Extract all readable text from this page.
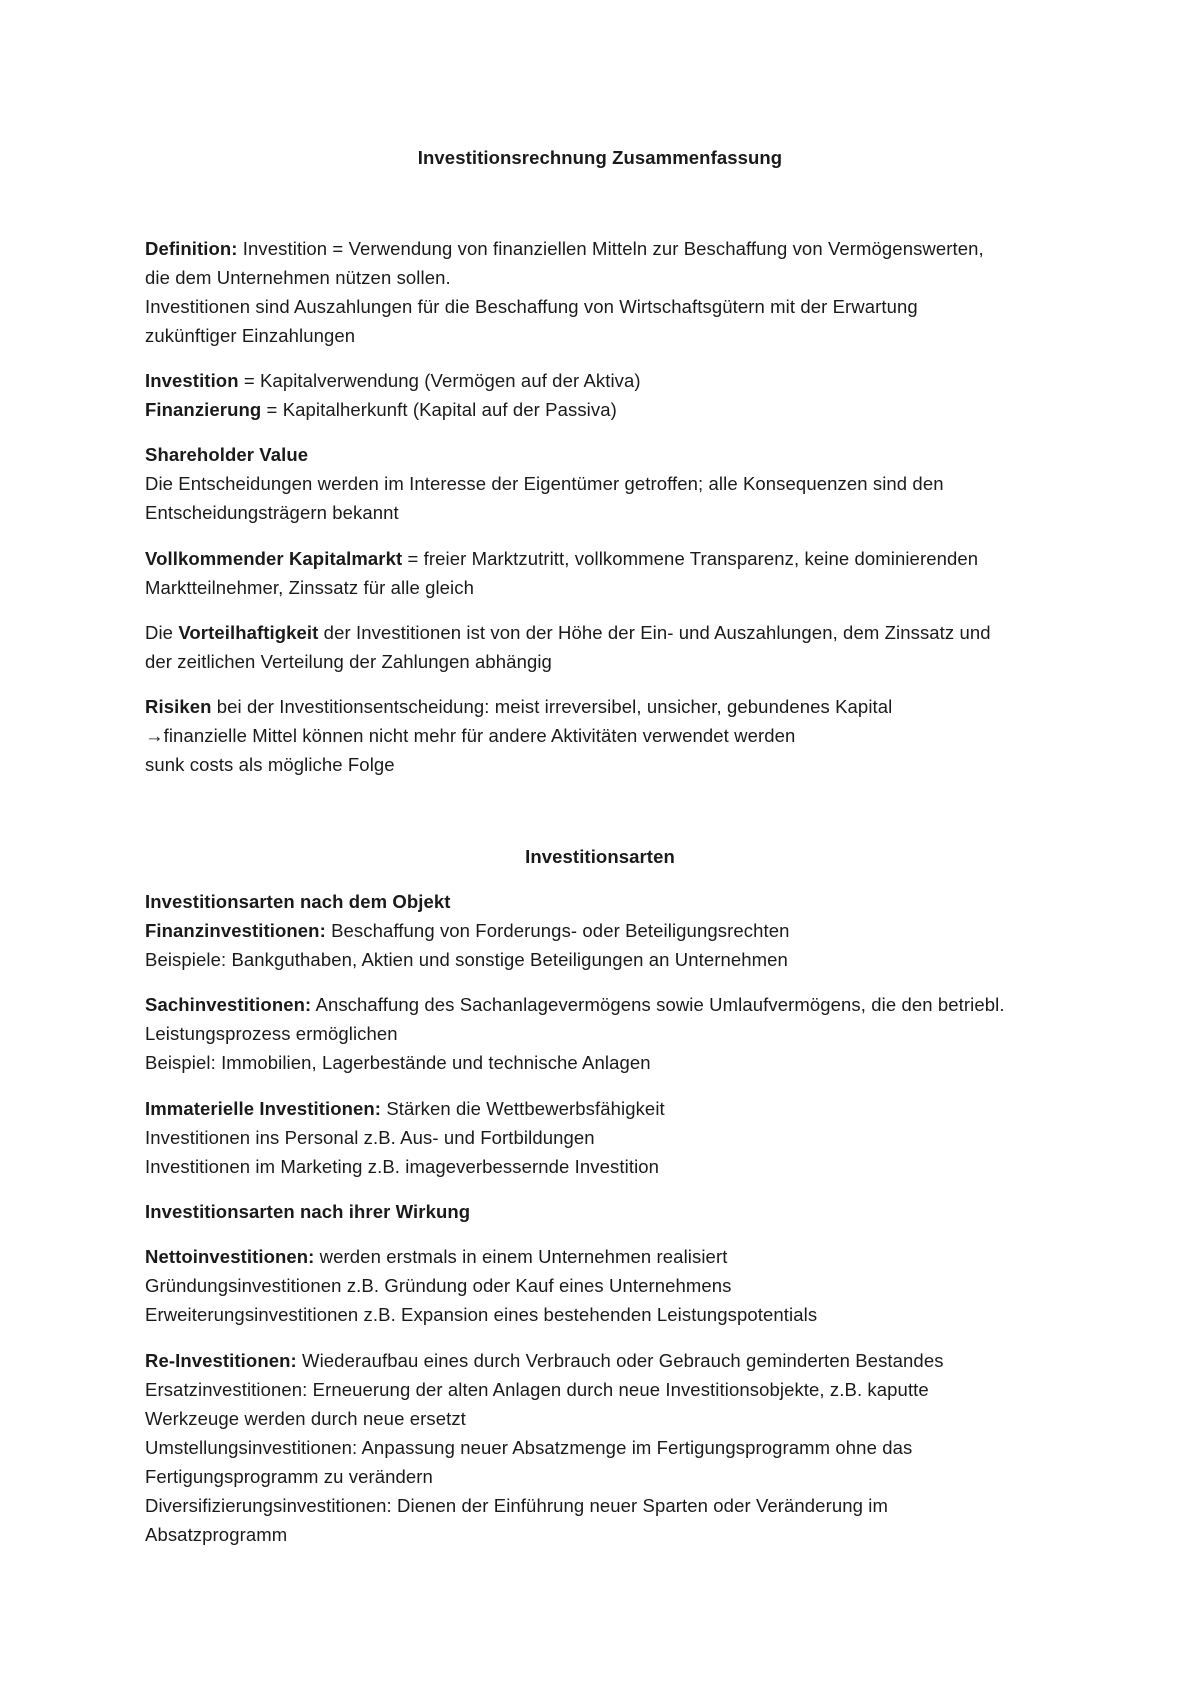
Investitionsrechnung Zusammenfassung
Definition: Investition = Verwendung von finanziellen Mitteln zur Beschaffung von Vermögenswerten,
die dem Unternehmen nützen sollen.
Investitionen sind Auszahlungen für die Beschaffung von Wirtschaftsgütern mit der Erwartung
zukünftiger Einzahlungen
Investition = Kapitalverwendung (Vermögen auf der Aktiva)
Finanzierung = Kapitalherkunft (Kapital auf der Passiva)
Shareholder Value
Die Entscheidungen werden im Interesse der Eigentümer getroffen; alle Konsequenzen sind den
Entscheidungsträgern bekannt
Vollkommender Kapitalmarkt = freier Marktzutritt, vollkommene Transparenz, keine dominierenden
Marktteilnehmer, Zinssatz für alle gleich
Die Vorteilhaftigkeit der Investitionen ist von der Höhe der Ein- und Auszahlungen, dem Zinssatz und
der zeitlichen Verteilung der Zahlungen abhängig
Risiken bei der Investitionsentscheidung: meist irreversibel, unsicher, gebundenes Kapital
→finanzielle Mittel können nicht mehr für andere Aktivitäten verwendet werden
sunk costs als mögliche Folge
Investitionsarten
Investitionsarten nach dem Objekt
Finanzinvestitionen: Beschaffung von Forderungs- oder Beteiligungsrechten
Beispiele: Bankguthaben, Aktien und sonstige Beteiligungen an Unternehmen
Sachinvestitionen: Anschaffung des Sachanlagevermögens sowie Umlaufvermögens, die den betriebl.
Leistungsprozess ermöglichen
Beispiel: Immobilien, Lagerbestände und technische Anlagen
Immaterielle Investitionen: Stärken die Wettbewerbsfähigkeit
Investitionen ins Personal z.B. Aus- und Fortbildungen
Investitionen im Marketing z.B. imageverbessernde Investition
Investitionsarten nach ihrer Wirkung
Nettoinvestitionen: werden erstmals in einem Unternehmen realisiert
Gründungsinvestitionen z.B. Gründung oder Kauf eines Unternehmens
Erweiterungsinvestitionen z.B. Expansion eines bestehenden Leistungspotentials
Re-Investitionen: Wiederaufbau eines durch Verbrauch oder Gebrauch geminderten Bestandes
Ersatzinvestitionen: Erneuerung der alten Anlagen durch neue Investitionsobjekte, z.B. kaputte
Werkzeuge werden durch neue ersetzt
Umstellungsinvestitionen: Anpassung neuer Absatzmenge im Fertigungsprogramm ohne das
Fertigungsprogramm zu verändern
Diversifizierungsinvestitionen: Dienen der Einführung neuer Sparten oder Veränderung im
Absatzprogramm
